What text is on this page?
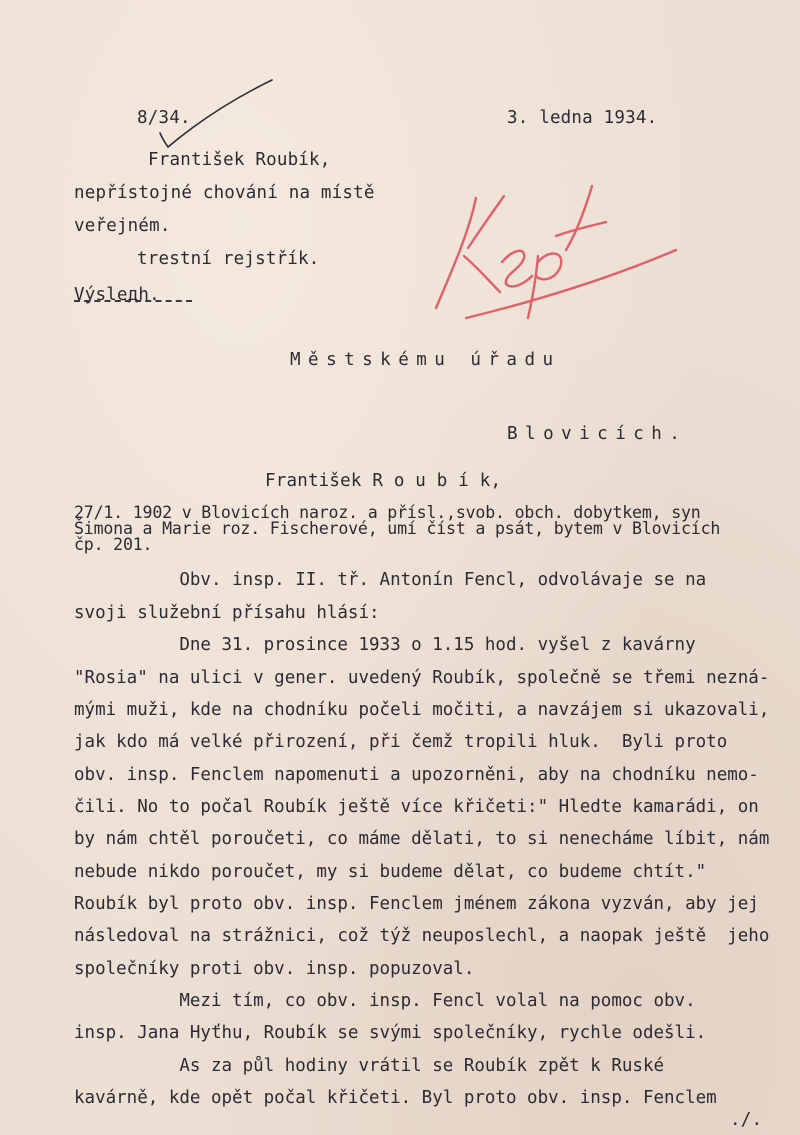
8/34.	3. ledna 1934.
František Roubík,
nepřístojné chování na místě
veřejném.
trestní rejstřík.
Výsleдh.
Městskému úřadu
Blovicích.
František R o u b í k,
27/1. 1902 v Blovicích naroz. a přísl.,svob. obch. dobytkem, syn
Šimona a Marie roz. Fischerové, umí číst a psát, bytem v Blovicích
čp. 201.
Obv. insp. II. tř. Antonín Fencl, odvolávaje se na
svoji služební přísahu hlásí:
Dne 31. prosince 1933 o 1.15 hod. vyšel z kavárny
"Rosia" na ulici v gener. uvedený Roubík, společně se třemi nezná-
mými muži, kde na chodníku počeli močiti, a navzájem si ukazovali,
jak kdo má velké přirození, při čemž tropili hluk.  Byli proto
obv. insp. Fenclem napomenuti a upozorněni, aby na chodníku nemo-
čili. No to počal Roubík ještě více křičeti:" Hledte kamarádi, on
by nám chtěl poroučeti, co máme dělati, to si nenecháme líbit, nám
nebude nikdo poroučet, my si budeme dělat, co budeme chtít."
Roubík byl proto obv. insp. Fenclem jménem zákona vyzván, aby jej
následoval na strážnici, což týž neuposlechl, a naopak ještě  jeho
společníky proti obv. insp. popuzoval.
Mezi tím, co obv. insp. Fencl volal na pomoc obv.
insp. Jana Hyťhu, Roubík se svými společníky, rychle odešli.
As za půl hodiny vrátil se Roubík zpět k Ruské
kavárně, kde opět počal křičeti. Byl proto obv. insp. Fenclem
./.
